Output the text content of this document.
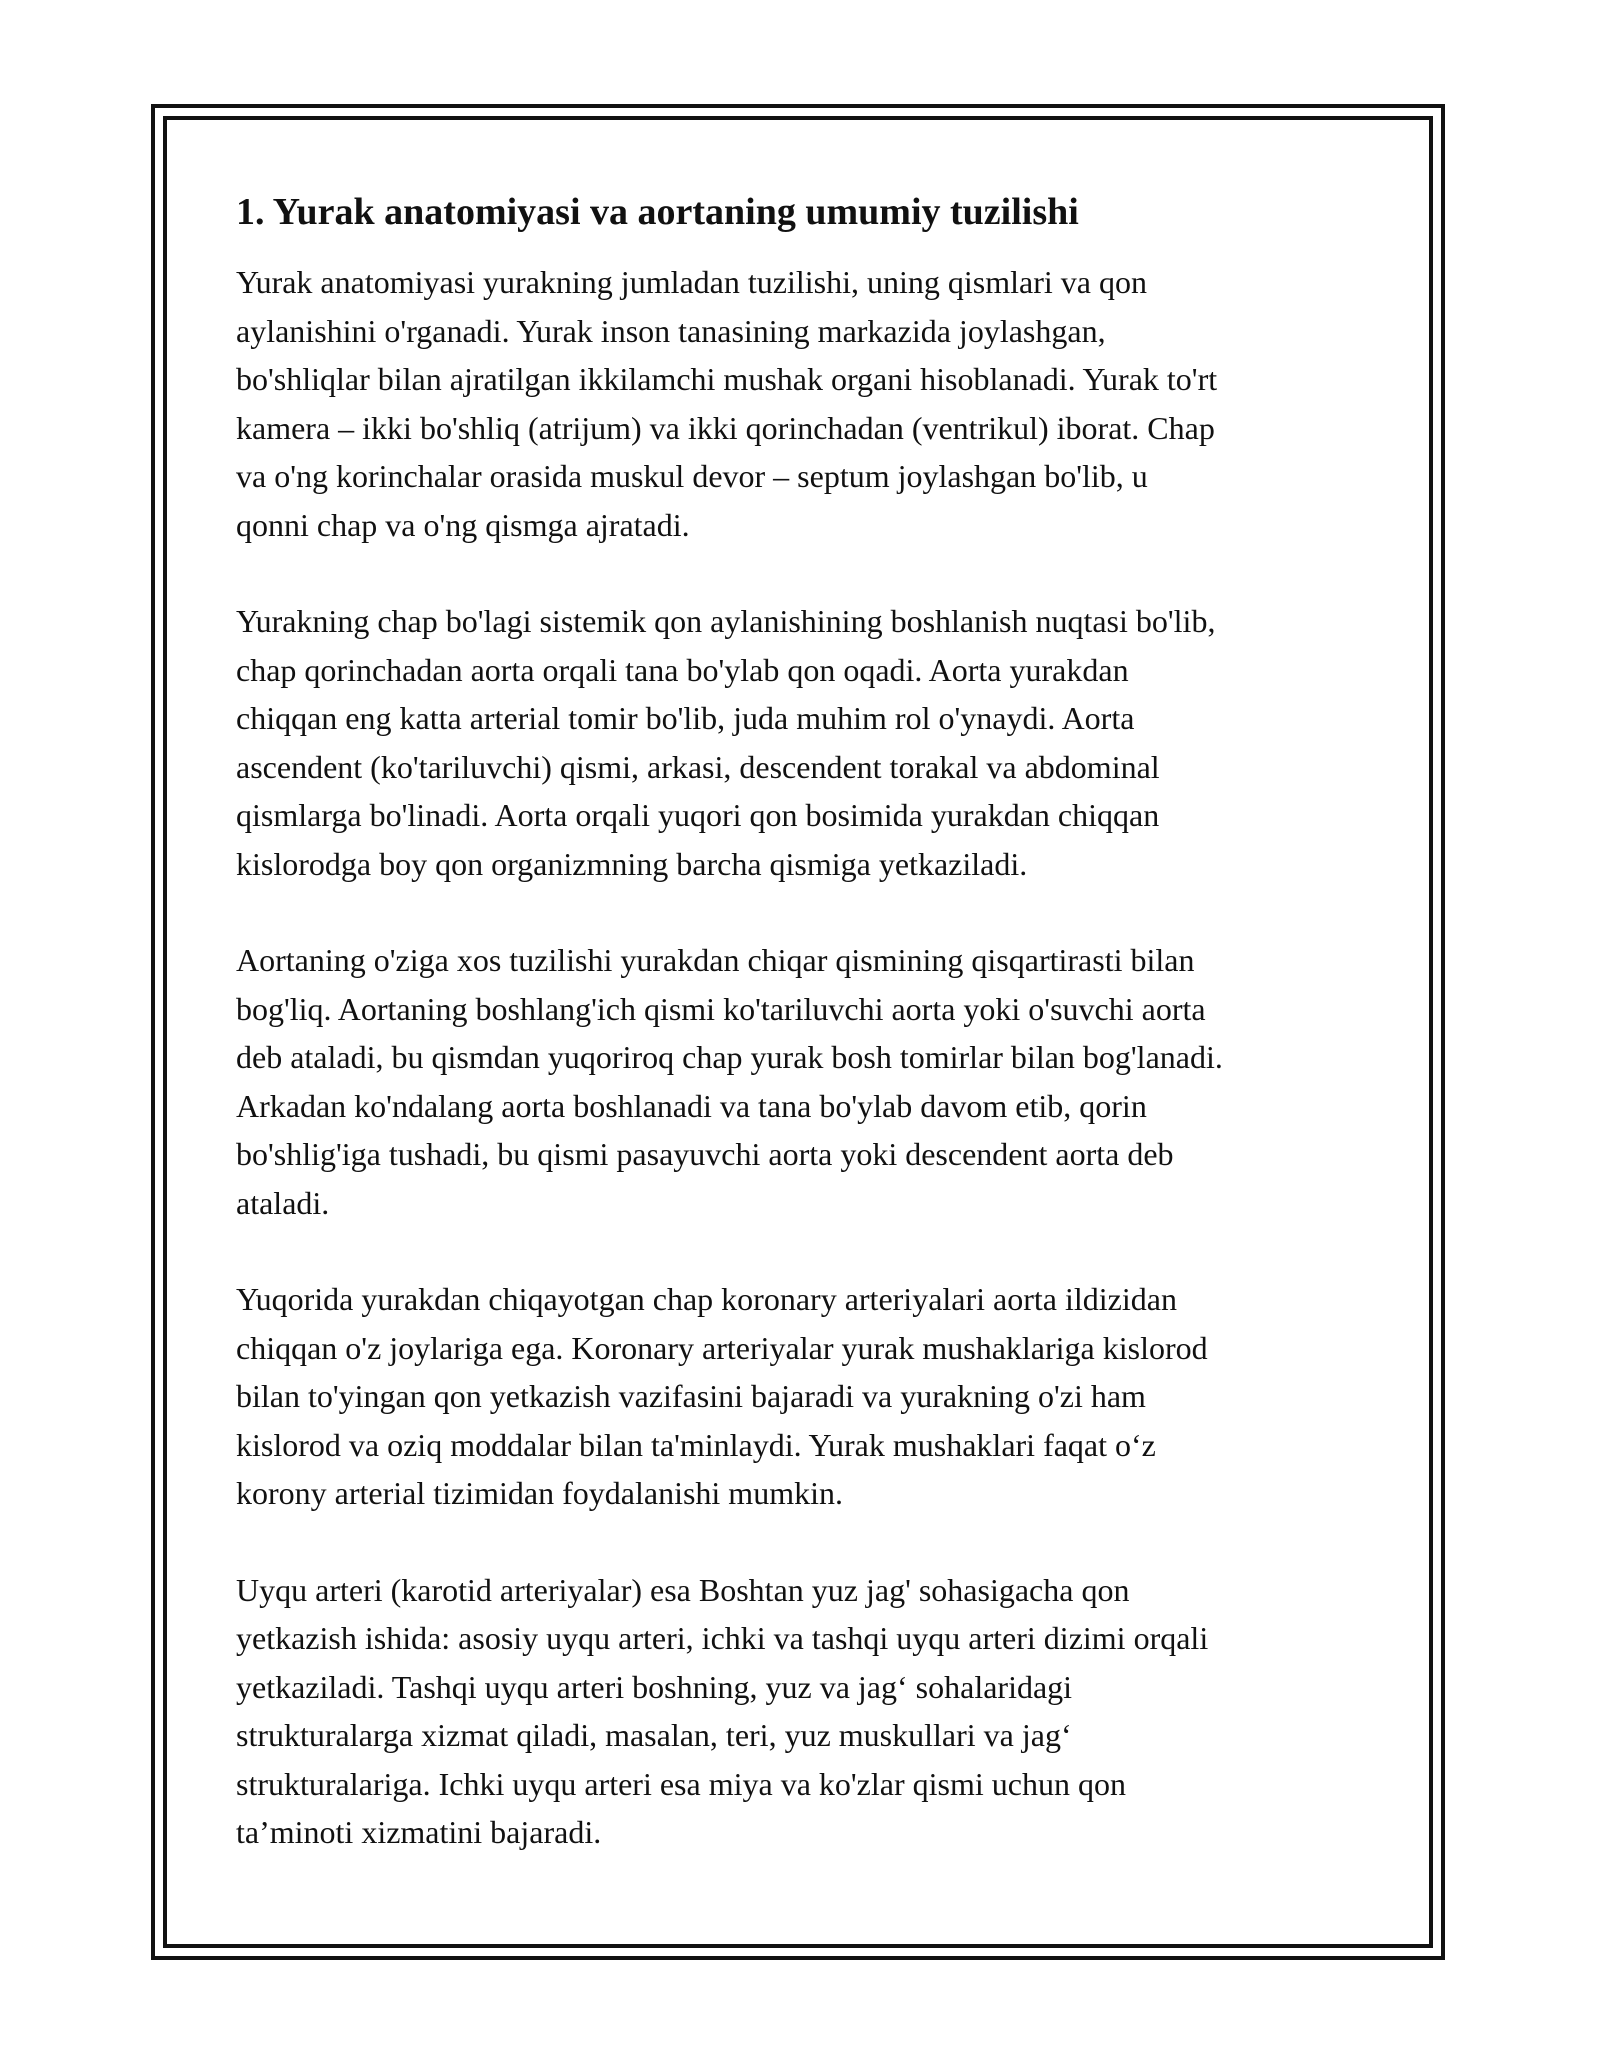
1. Yurak anatomiyasi va aortaning umumiy tuzilishi

Yurak anatomiyasi yurakning jumladan tuzilishi, uning qismlari va qon
aylanishini o'rganadi. Yurak inson tanasining markazida joylashgan,
bo'shliqlar bilan ajratilgan ikkilamchi mushak organi hisoblanadi. Yurak to'rt
kamera – ikki bo'shliq (atrijum) va ikki qorinchadan (ventrikul) iborat. Chap
va o'ng korinchalar orasida muskul devor – septum joylashgan bo'lib, u
qonni chap va o'ng qismga ajratadi.

Yurakning chap bo'lagi sistemik qon aylanishining boshlanish nuqtasi bo'lib,
chap qorinchadan aorta orqali tana bo'ylab qon oqadi. Aorta yurakdan
chiqqan eng katta arterial tomir bo'lib, juda muhim rol o'ynaydi. Aorta
ascendent (ko'tariluvchi) qismi, arkasi, descendent torakal va abdominal
qismlarga bo'linadi. Aorta orqali yuqori qon bosimida yurakdan chiqqan
kislorodga boy qon organizmning barcha qismiga yetkaziladi.

Aortaning o'ziga xos tuzilishi yurakdan chiqar qismining qisqartirasti bilan
bog'liq. Aortaning boshlang'ich qismi ko'tariluvchi aorta yoki o'suvchi aorta
deb ataladi, bu qismdan yuqoriroq chap yurak bosh tomirlar bilan bog'lanadi.
Arkadan ko'ndalang aorta boshlanadi va tana bo'ylab davom etib, qorin
bo'shlig'iga tushadi, bu qismi pasayuvchi aorta yoki descendent aorta deb
ataladi.

Yuqorida yurakdan chiqayotgan chap koronary arteriyalari aorta ildizidan
chiqqan o'z joylariga ega. Koronary arteriyalar yurak mushaklariga kislorod
bilan to'yingan qon yetkazish vazifasini bajaradi va yurakning o'zi ham
kislorod va oziq moddalar bilan ta'minlaydi. Yurak mushaklari faqat o‘z
korony arterial tizimidan foydalanishi mumkin.

Uyqu arteri (karotid arteriyalar) esa Boshtan yuz jag' sohasigacha qon
yetkazish ishida: asosiy uyqu arteri, ichki va tashqi uyqu arteri dizimi orqali
yetkaziladi. Tashqi uyqu arteri boshning, yuz va jag‘ sohalaridagi
strukturalarga xizmat qiladi, masalan, teri, yuz muskullari va jag‘
strukturalariga. Ichki uyqu arteri esa miya va ko'zlar qismi uchun qon
ta’minoti xizmatini bajaradi.
